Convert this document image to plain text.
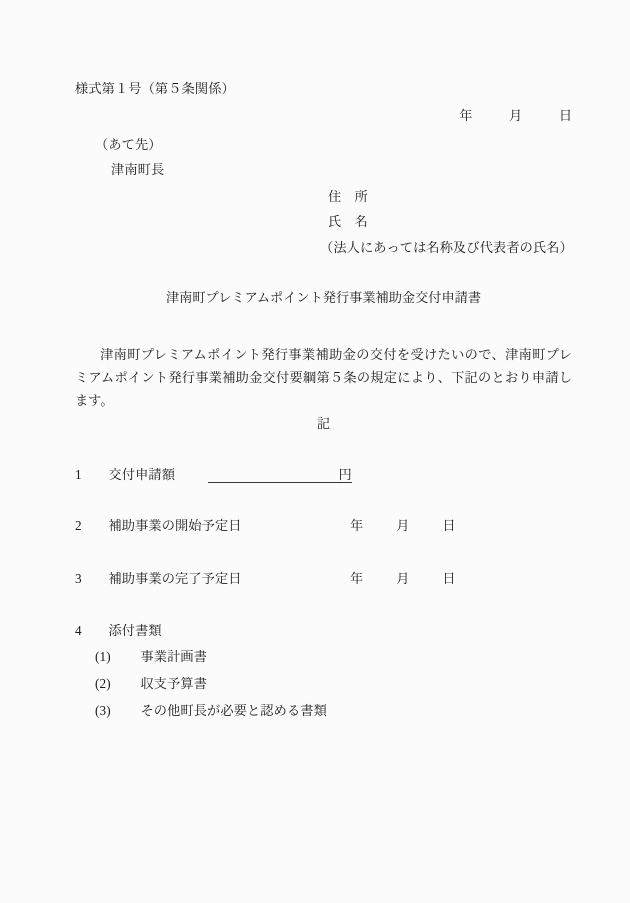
様式第１号（第５条関係）
年	月	日
（あて先）
津南町長
住　所
氏　名
（法人にあっては名称及び代表者の氏名）
津南町プレミアムポイント発行事業補助金交付申請書
津南町プレミアムポイント発行事業補助金の交付を受けたいので、津南町プレミアムポイント発行事業補助金交付要綱第５条の規定により、下記のとおり申請します。
記
1 交付申請額	円
2 補助事業の開始予定日	年 月 日
3 補助事業の完了予定日	年 月 日
4 添付書類
(1) 事業計画書
(2) 収支予算書
(3) その他町長が必要と認める書類
